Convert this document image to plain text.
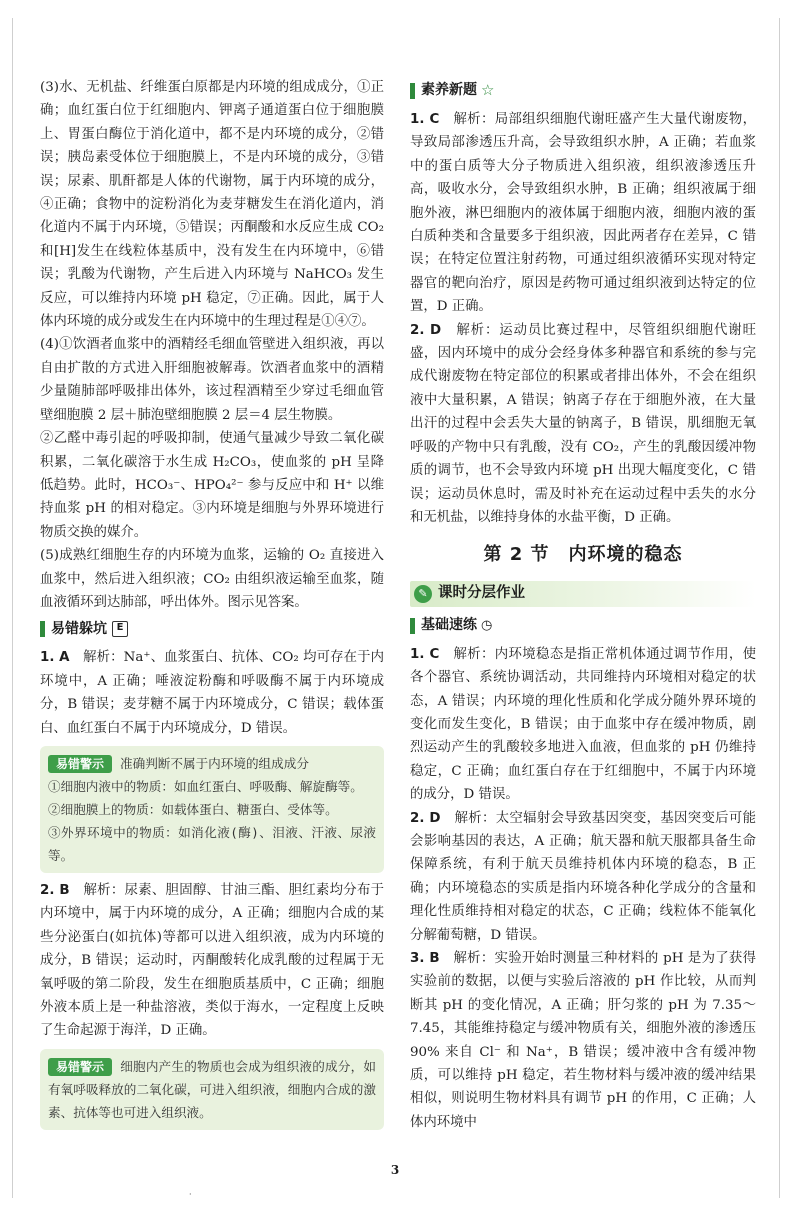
(3)水、无机盐、纤维蛋白原都是内环境的组成成分，①正确；血红蛋白位于红细胞内、钾离子通道蛋白位于细胞膜上、胃蛋白酶位于消化道中，都不是内环境的成分，②错误；胰岛素受体位于细胞膜上，不是内环境的成分，③错误；尿素、肌酐都是人体的代谢物，属于内环境的成分，④正确；食物中的淀粉消化为麦芽糖发生在消化道内，消化道内不属于内环境，⑤错误；丙酮酸和水反应生成 CO₂ 和[H]发生在线粒体基质中，没有发生在内环境中，⑥错误；乳酸为代谢物，产生后进入内环境与 NaHCO₃ 发生反应，可以维持内环境 pH 稳定，⑦正确。因此，属于人体内环境的成分或发生在内环境中的生理过程是①④⑦。

(4)①饮酒者血浆中的酒精经毛细血管壁进入组织液，再以自由扩散的方式进入肝细胞被解毒。饮酒者血浆中的酒精少量随肺部呼吸排出体外，该过程酒精至少穿过毛细血管壁细胞膜 2 层＋肺泡壁细胞膜 2 层＝4 层生物膜。

②乙醛中毒引起的呼吸抑制，使通气量减少导致二氧化碳积累，二氧化碳溶于水生成 H₂CO₃，使血浆的 pH 呈降低趋势。此时，HCO₃⁻、HPO₄²⁻ 参与反应中和 H⁺ 以维持血浆 pH 的相对稳定。③内环境是细胞与外界环境进行物质交换的媒介。

(5)成熟红细胞生存的内环境为血浆，运输的 O₂ 直接进入血浆中，然后进入组织液；CO₂ 由组织液运输至血浆，随血液循环到达肺部，呼出体外。图示见答案。

易错躲坑 E

1. A　 解析：Na⁺、血浆蛋白、抗体、CO₂ 均可存在于内环境中，A 正确；唾液淀粉酶和呼吸酶不属于内环境成分，B 错误；麦芽糖不属于内环境成分，C 错误；载体蛋白、血红蛋白不属于内环境成分，D 错误。

易错警示 准确判断不属于内环境的组成成分
①细胞内液中的物质：如血红蛋白、呼吸酶、解旋酶等。
②细胞膜上的物质：如载体蛋白、糖蛋白、受体等。
③外界环境中的物质：如消化液(酶)、泪液、汗液、尿液等。

2. B　 解析：尿素、胆固醇、甘油三酯、胆红素均分布于内环境中，属于内环境的成分，A 正确；细胞内合成的某些分泌蛋白(如抗体)等都可以进入组织液，成为内环境的成分，B 错误；运动时，丙酮酸转化成乳酸的过程属于无氧呼吸的第二阶段，发生在细胞质基质中，C 正确；细胞外液本质上是一种盐溶液，类似于海水，一定程度上反映了生命起源于海洋，D 正确。

易错警示 细胞内产生的物质也会成为组织液的成分，如有氧呼吸释放的二氧化碳，可进入组织液，细胞内合成的激素、抗体等也可进入组织液。
素养新题 ☆

1. C　 解析：局部组织细胞代谢旺盛产生大量代谢废物，导致局部渗透压升高，会导致组织水肿，A 正确；若血浆中的蛋白质等大分子物质进入组织液，组织液渗透压升高，吸收水分，会导致组织水肿，B 正确；组织液属于细胞外液，淋巴细胞内的液体属于细胞内液，细胞内液的蛋白质种类和含量要多于组织液，因此两者存在差异，C 错误；在特定位置注射药物，可通过组织液循环实现对特定器官的靶向治疗，原因是药物可通过组织液到达特定的位置，D 正确。

2. D　 解析：运动员比赛过程中，尽管组织细胞代谢旺盛，因内环境中的成分会经身体多种器官和系统的参与完成代谢废物在特定部位的积累或者排出体外，不会在组织液中大量积累，A 错误；钠离子存在于细胞外液，在大量出汗的过程中会丢失大量的钠离子，B 错误，肌细胞无氧呼吸的产物中只有乳酸，没有 CO₂，产生的乳酸因缓冲物质的调节，也不会导致内环境 pH 出现大幅度变化，C 错误；运动员休息时，需及时补充在运动过程中丢失的水分和无机盐，以维持身体的水盐平衡，D 正确。

第 2 节　内环境的稳态
✎ 课时分层作业
基础速练 ◷

1. C　 解析：内环境稳态是指正常机体通过调节作用，使各个器官、系统协调活动，共同维持内环境相对稳定的状态，A 错误；内环境的理化性质和化学成分随外界环境的变化而发生变化，B 错误；由于血浆中存在缓冲物质，剧烈运动产生的乳酸较多地进入血液，但血浆的 pH 仍维持稳定，C 正确；血红蛋白存在于红细胞中，不属于内环境的成分，D 错误。

2. D　 解析：太空辐射会导致基因突变，基因突变后可能会影响基因的表达，A 正确；航天器和航天服都具备生命保障系统，有利于航天员维持机体内环境的稳态，B 正确；内环境稳态的实质是指内环境各种化学成分的含量和理化性质维持相对稳定的状态，C 正确；线粒体不能氧化分解葡萄糖，D 错误。

3. B　 解析：实验开始时测量三种材料的 pH 是为了获得实验前的数据，以便与实验后溶液的 pH 作比较，从而判断其 pH 的变化情况，A 正确；肝匀浆的 pH 为 7.35～7.45，其能维持稳定与缓冲物质有关，细胞外液的渗透压 90% 来自 Cl⁻ 和 Na⁺，B 错误；缓冲液中含有缓冲物质，可以维持 pH 稳定，若生物材料与缓冲液的缓冲结果相似，则说明生物材料具有调节 pH 的作用，C 正确；人体内环境中

3
·
